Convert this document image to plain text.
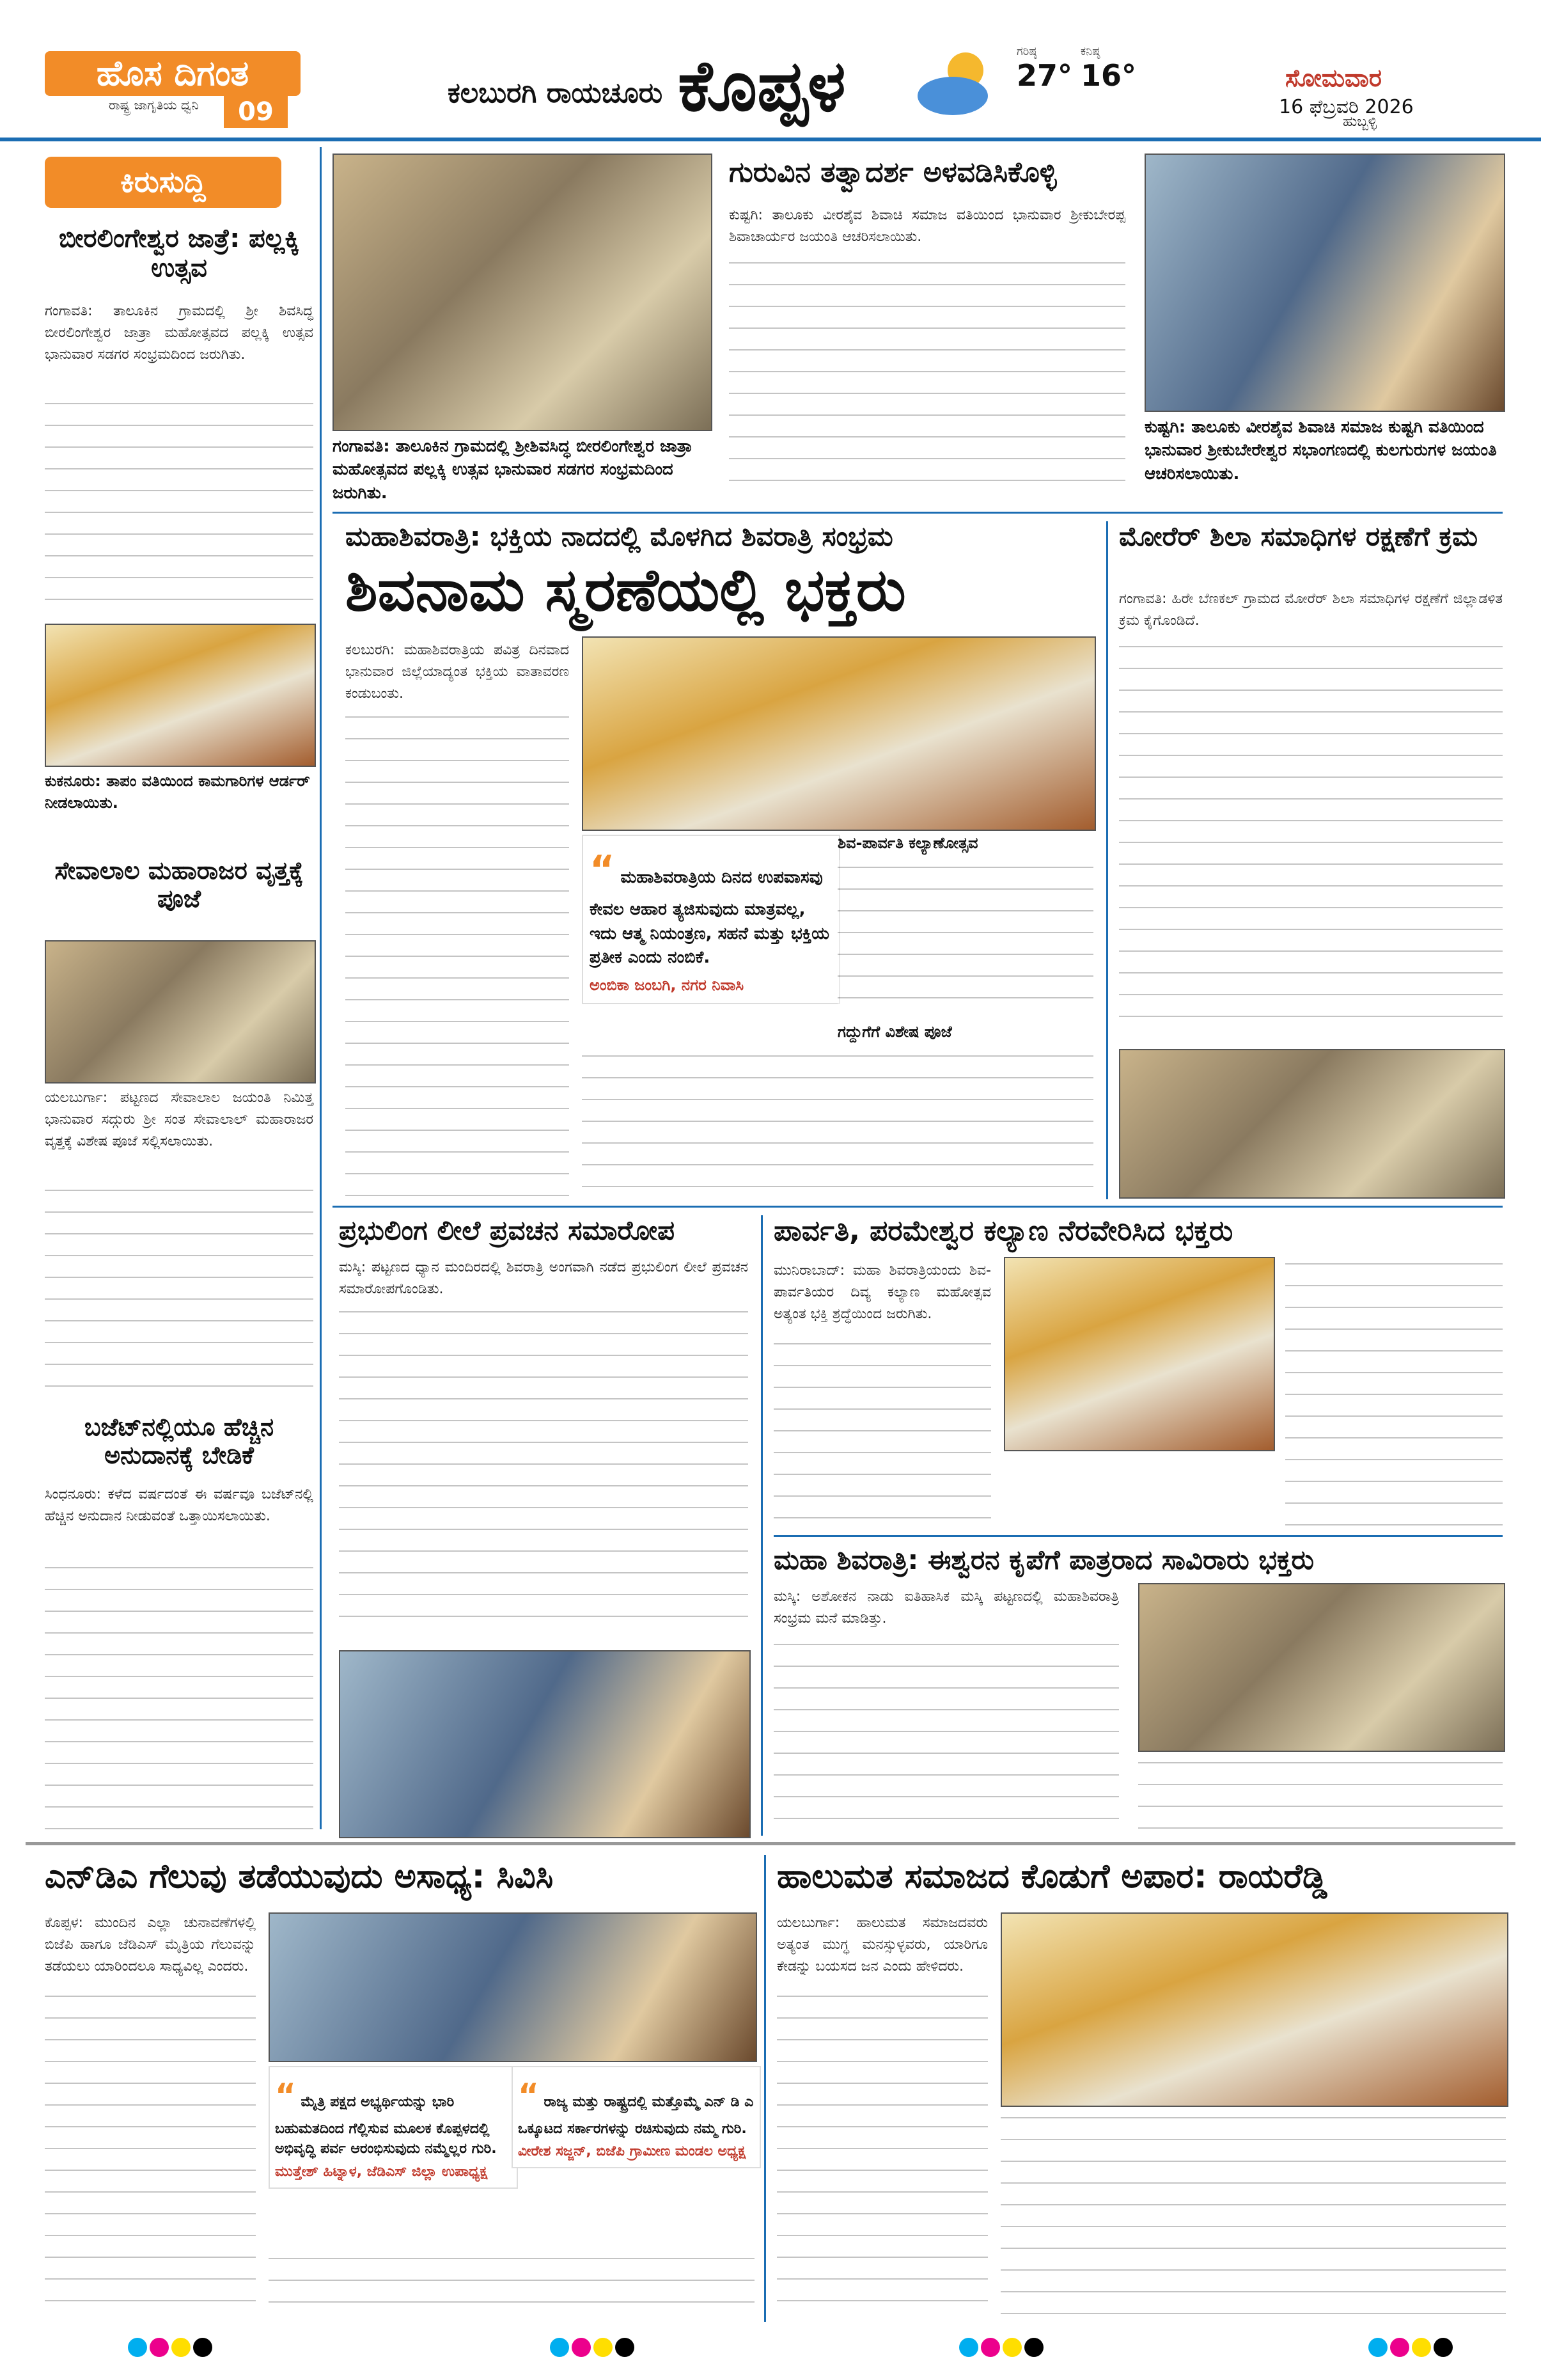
ಹೊಸ ದಿಗಂತ
ರಾಷ್ಟ್ರ ಜಾಗೃತಿಯ ಧ್ವನಿ	09
ಕಲಬುರಗಿ ರಾಯಚೂರು ಕೊಪ್ಪಳ	ಗರಿಷ್ಠ
27°
ಕನಿಷ್ಠ
16°	ಸೋಮವಾರ
16 ಫೆಬ್ರವರಿ 2026
ಹುಬ್ಬಳ್ಳಿ
ಕಿರುಸುದ್ದಿ
ಬೀರಲಿಂಗೇಶ್ವರ ಜಾತ್ರೆ: ಪಲ್ಲಕ್ಕಿ ಉತ್ಸವ
ಗಂಗಾವತಿ: ತಾಲೂಕಿನ ಗ್ರಾಮದಲ್ಲಿ ಶ್ರೀ ಶಿವಸಿದ್ಧ ಬೀರಲಿಂಗೇಶ್ವರ ಜಾತ್ರಾ ಮಹೋತ್ಸವದ ಪಲ್ಲಕ್ಕಿ ಉತ್ಸವ ಭಾನುವಾರ ಸಡಗರ ಸಂಭ್ರಮದಿಂದ ಜರುಗಿತು.
ಕುಕನೂರು: ತಾಪಂ ವತಿಯಿಂದ ಕಾಮಗಾರಿಗಳ ಆರ್ಡರ್ ನೀಡಲಾಯಿತು.
ಸೇವಾಲಾಲ ಮಹಾರಾಜರ ವೃತ್ತಕ್ಕೆ ಪೂಜೆ
ಯಲಬುರ್ಗಾ: ಪಟ್ಟಣದ ಸೇವಾಲಾಲ ಜಯಂತಿ ನಿಮಿತ್ತ ಭಾನುವಾರ ಸದ್ಗುರು ಶ್ರೀ ಸಂತ ಸೇವಾಲಾಲ್ ಮಹಾರಾಜರ ವೃತ್ತಕ್ಕೆ ವಿಶೇಷ ಪೂಜೆ ಸಲ್ಲಿಸಲಾಯಿತು.
ಬಜೆಟ್‌ನಲ್ಲಿಯೂ ಹೆಚ್ಚಿನ ಅನುದಾನಕ್ಕೆ ಬೇಡಿಕೆ
ಸಿಂಧನೂರು: ಕಳೆದ ವರ್ಷದಂತೆ ಈ ವರ್ಷವೂ ಬಜೆಟ್‌ನಲ್ಲಿ ಹೆಚ್ಚಿನ ಅನುದಾನ ನೀಡುವಂತೆ ಒತ್ತಾಯಿಸಲಾಯಿತು.
ಗಂಗಾವತಿ: ತಾಲೂಕಿನ ಗ್ರಾಮದಲ್ಲಿ ಶ್ರೀಶಿವಸಿದ್ಧ ಬೀರಲಿಂಗೇಶ್ವರ ಜಾತ್ರಾ ಮಹೋತ್ಸವದ ಪಲ್ಲಕ್ಕಿ ಉತ್ಸವ ಭಾನುವಾರ ಸಡಗರ ಸಂಭ್ರಮದಿಂದ ಜರುಗಿತು.
ಗುರುವಿನ ತತ್ವಾದರ್ಶ ಅಳವಡಿಸಿಕೊಳ್ಳಿ
ಕುಷ್ಟಗಿ: ತಾಲೂಕು ವೀರಶೈವ ಶಿವಾಚಿ ಸಮಾಜ ವತಿಯಿಂದ ಭಾನುವಾರ ಶ್ರೀಕುಬೇರಪ್ಪ ಶಿವಾಚಾರ್ಯರ ಜಯಂತಿ ಆಚರಿಸಲಾಯಿತು.
ಕುಷ್ಟಗಿ: ತಾಲೂಕು ವೀರಶೈವ ಶಿವಾಚಿ ಸಮಾಜ ಕುಷ್ಟಗಿ ವತಿಯಿಂದ ಭಾನುವಾರ ಶ್ರೀಕುಬೇರೇಶ್ವರ ಸಭಾಂಗಣದಲ್ಲಿ ಕುಲಗುರುಗಳ ಜಯಂತಿ ಆಚರಿಸಲಾಯಿತು.
ಮಹಾಶಿವರಾತ್ರಿ: ಭಕ್ತಿಯ ನಾದದಲ್ಲಿ ಮೊಳಗಿದ ಶಿವರಾತ್ರಿ ಸಂಭ್ರಮ
ಶಿವನಾಮ ಸ್ಮರಣೆಯಲ್ಲಿ ಭಕ್ತರು
ಕಲಬುರಗಿ: ಮಹಾಶಿವರಾತ್ರಿಯ ಪವಿತ್ರ ದಿನವಾದ ಭಾನುವಾರ ಜಿಲ್ಲೆಯಾದ್ಯಂತ ಭಕ್ತಿಯ ವಾತಾವರಣ ಕಂಡುಬಂತು.
“ ಮಹಾಶಿವರಾತ್ರಿಯ ದಿನದ ಉಪವಾಸವು ಕೇವಲ ಆಹಾರ ತ್ಯಜಿಸುವುದು ಮಾತ್ರವಲ್ಲ, ಇದು ಆತ್ಮ ನಿಯಂತ್ರಣ, ಸಹನೆ ಮತ್ತು ಭಕ್ತಿಯ ಪ್ರತೀಕ ಎಂದು ನಂಬಿಕೆ.
ಅಂಬಿಕಾ ಜಂಬಗಿ, ನಗರ ನಿವಾಸಿ
ಶಿವ-ಪಾರ್ವತಿ ಕಲ್ಯಾಣೋತ್ಸವ
ಗದ್ದುಗೆಗೆ ವಿಶೇಷ ಪೂಜೆ
ಮೋರೆರ್ ಶಿಲಾ ಸಮಾಧಿಗಳ ರಕ್ಷಣೆಗೆ ಕ್ರಮ
ಗಂಗಾವತಿ: ಹಿರೇ ಬೆಣಕಲ್ ಗ್ರಾಮದ ಮೋರೆರ್ ಶಿಲಾ ಸಮಾಧಿಗಳ ರಕ್ಷಣೆಗೆ ಜಿಲ್ಲಾಡಳಿತ ಕ್ರಮ ಕೈಗೊಂಡಿದೆ.
ಪ್ರಭುಲಿಂಗ ಲೀಲೆ ಪ್ರವಚನ ಸಮಾರೋಪ
ಮಸ್ಕಿ: ಪಟ್ಟಣದ ಧ್ಯಾನ ಮಂದಿರದಲ್ಲಿ ಶಿವರಾತ್ರಿ ಅಂಗವಾಗಿ ನಡೆದ ಪ್ರಭುಲಿಂಗ ಲೀಲೆ ಪ್ರವಚನ ಸಮಾರೋಪಗೊಂಡಿತು.
ಪಾರ್ವತಿ, ಪರಮೇಶ್ವರ ಕಲ್ಯಾಣ ನೆರವೇರಿಸಿದ ಭಕ್ತರು
ಮುನಿರಾಬಾದ್: ಮಹಾ ಶಿವರಾತ್ರಿಯಂದು ಶಿವ-ಪಾರ್ವತಿಯರ ದಿವ್ಯ ಕಲ್ಯಾಣ ಮಹೋತ್ಸವ ಅತ್ಯಂತ ಭಕ್ತಿ ಶ್ರದ್ಧೆಯಿಂದ ಜರುಗಿತು.
ಮಹಾ ಶಿವರಾತ್ರಿ: ಈಶ್ವರನ ಕೃಪೆಗೆ ಪಾತ್ರರಾದ ಸಾವಿರಾರು ಭಕ್ತರು
ಮಸ್ಕಿ: ಅಶೋಕನ ನಾಡು ಐತಿಹಾಸಿಕ ಮಸ್ಕಿ ಪಟ್ಟಣದಲ್ಲಿ ಮಹಾಶಿವರಾತ್ರಿ ಸಂಭ್ರಮ ಮನೆ ಮಾಡಿತ್ತು.
ಎನ್‌ಡಿಎ ಗೆಲುವು ತಡೆಯುವುದು ಅಸಾಧ್ಯ: ಸಿವಿಸಿ
ಕೊಪ್ಪಳ: ಮುಂದಿನ ಎಲ್ಲಾ ಚುನಾವಣೆಗಳಲ್ಲಿ ಬಿಜೆಪಿ ಹಾಗೂ ಜೆಡಿಎಸ್ ಮೈತ್ರಿಯ ಗೆಲುವನ್ನು ತಡೆಯಲು ಯಾರಿಂದಲೂ ಸಾಧ್ಯವಿಲ್ಲ ಎಂದರು.
“ ಮೈತ್ರಿ ಪಕ್ಷದ ಅಭ್ಯರ್ಥಿಯನ್ನು ಭಾರಿ ಬಹುಮತದಿಂದ ಗೆಲ್ಲಿಸುವ ಮೂಲಕ ಕೊಪ್ಪಳದಲ್ಲಿ ಅಭಿವೃದ್ಧಿ ಪರ್ವ ಆರಂಭಿಸುವುದು ನಮ್ಮೆಲ್ಲರ ಗುರಿ.
ಮುತ್ತೇಶ್ ಹಿಟ್ನಾಳ, ಜೆಡಿಎಸ್ ಜಿಲ್ಲಾ ಉಪಾಧ್ಯಕ್ಷ
“ ರಾಜ್ಯ ಮತ್ತು ರಾಷ್ಟ್ರದಲ್ಲಿ ಮತ್ತೊಮ್ಮೆ ಎನ್ ಡಿ ಎ ಒಕ್ಕೂಟದ ಸರ್ಕಾರಗಳನ್ನು ರಚಿಸುವುದು ನಮ್ಮ ಗುರಿ.
ವೀರೇಶ ಸಜ್ಜನ್, ಬಿಜೆಪಿ ಗ್ರಾಮೀಣ ಮಂಡಲ ಅಧ್ಯಕ್ಷ
ಹಾಲುಮತ ಸಮಾಜದ ಕೊಡುಗೆ ಅಪಾರ: ರಾಯರೆಡ್ಡಿ
ಯಲಬುರ್ಗಾ: ಹಾಲುಮತ ಸಮಾಜದವರು ಅತ್ಯಂತ ಮುಗ್ಧ ಮನಸ್ಸುಳ್ಳವರು, ಯಾರಿಗೂ ಕೇಡನ್ನು ಬಯಸದ ಜನ ಎಂದು ಹೇಳಿದರು.
